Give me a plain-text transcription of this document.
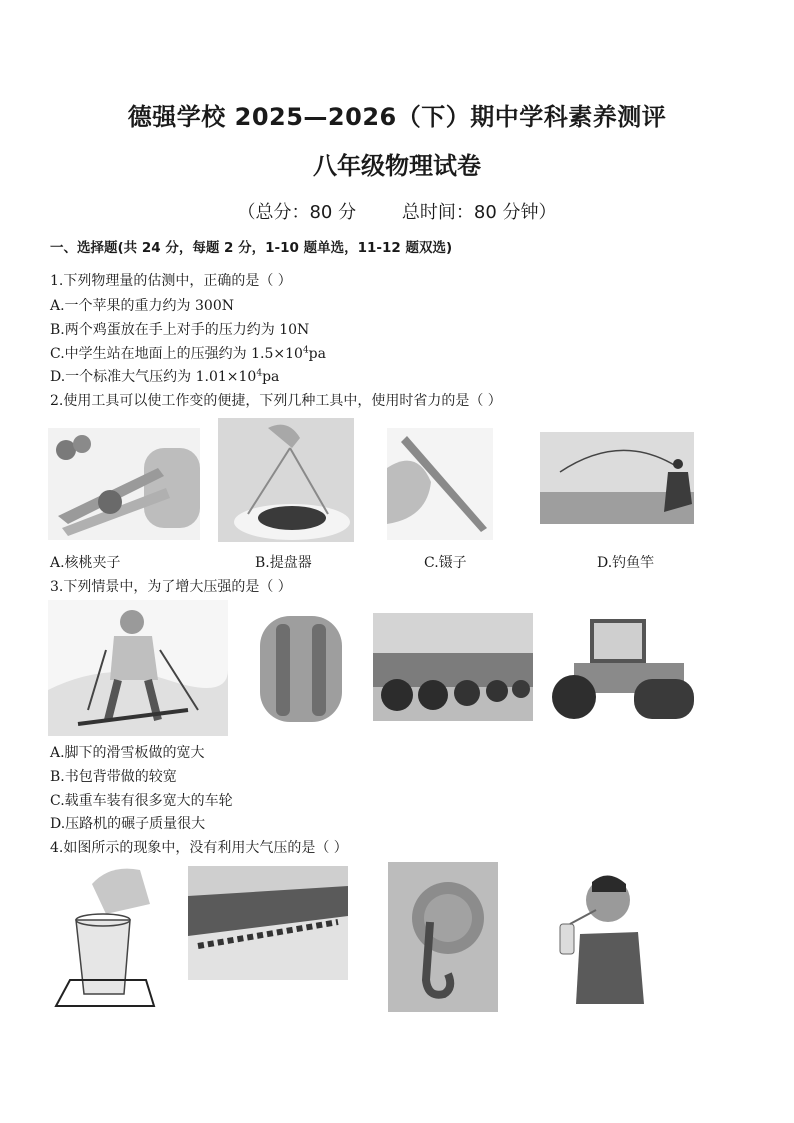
德强学校 2025—2026（下）期中学科素养测评
八年级物理试卷
（总分：80 分        总时间：80 分钟）
一、选择题(共 24 分，每题 2 分，1-10 题单选，11-12 题双选)
1.下列物理量的估测中，正确的是（ ）
A.一个苹果的重力约为 300N
B.两个鸡蛋放在手上对手的压力约为 10N
C.中学生站在地面上的压强约为 $1.5\times 10^4pa$
D.一个标准大气压约为 $1.01\times 10^4pa$
2.使用工具可以使工作变的便捷，下列几种工具中，使用时省力的是（ ）
A.核桃夹子	B.提盘器	C.镊子	D.钓鱼竿
3.下列情景中，为了增大压强的是（ ）
A.脚下的滑雪板做的宽大
B.书包背带做的较宽
C.载重车装有很多宽大的车轮
D.压路机的碾子质量很大
4.如图所示的现象中，没有利用大气压的是（ ）
